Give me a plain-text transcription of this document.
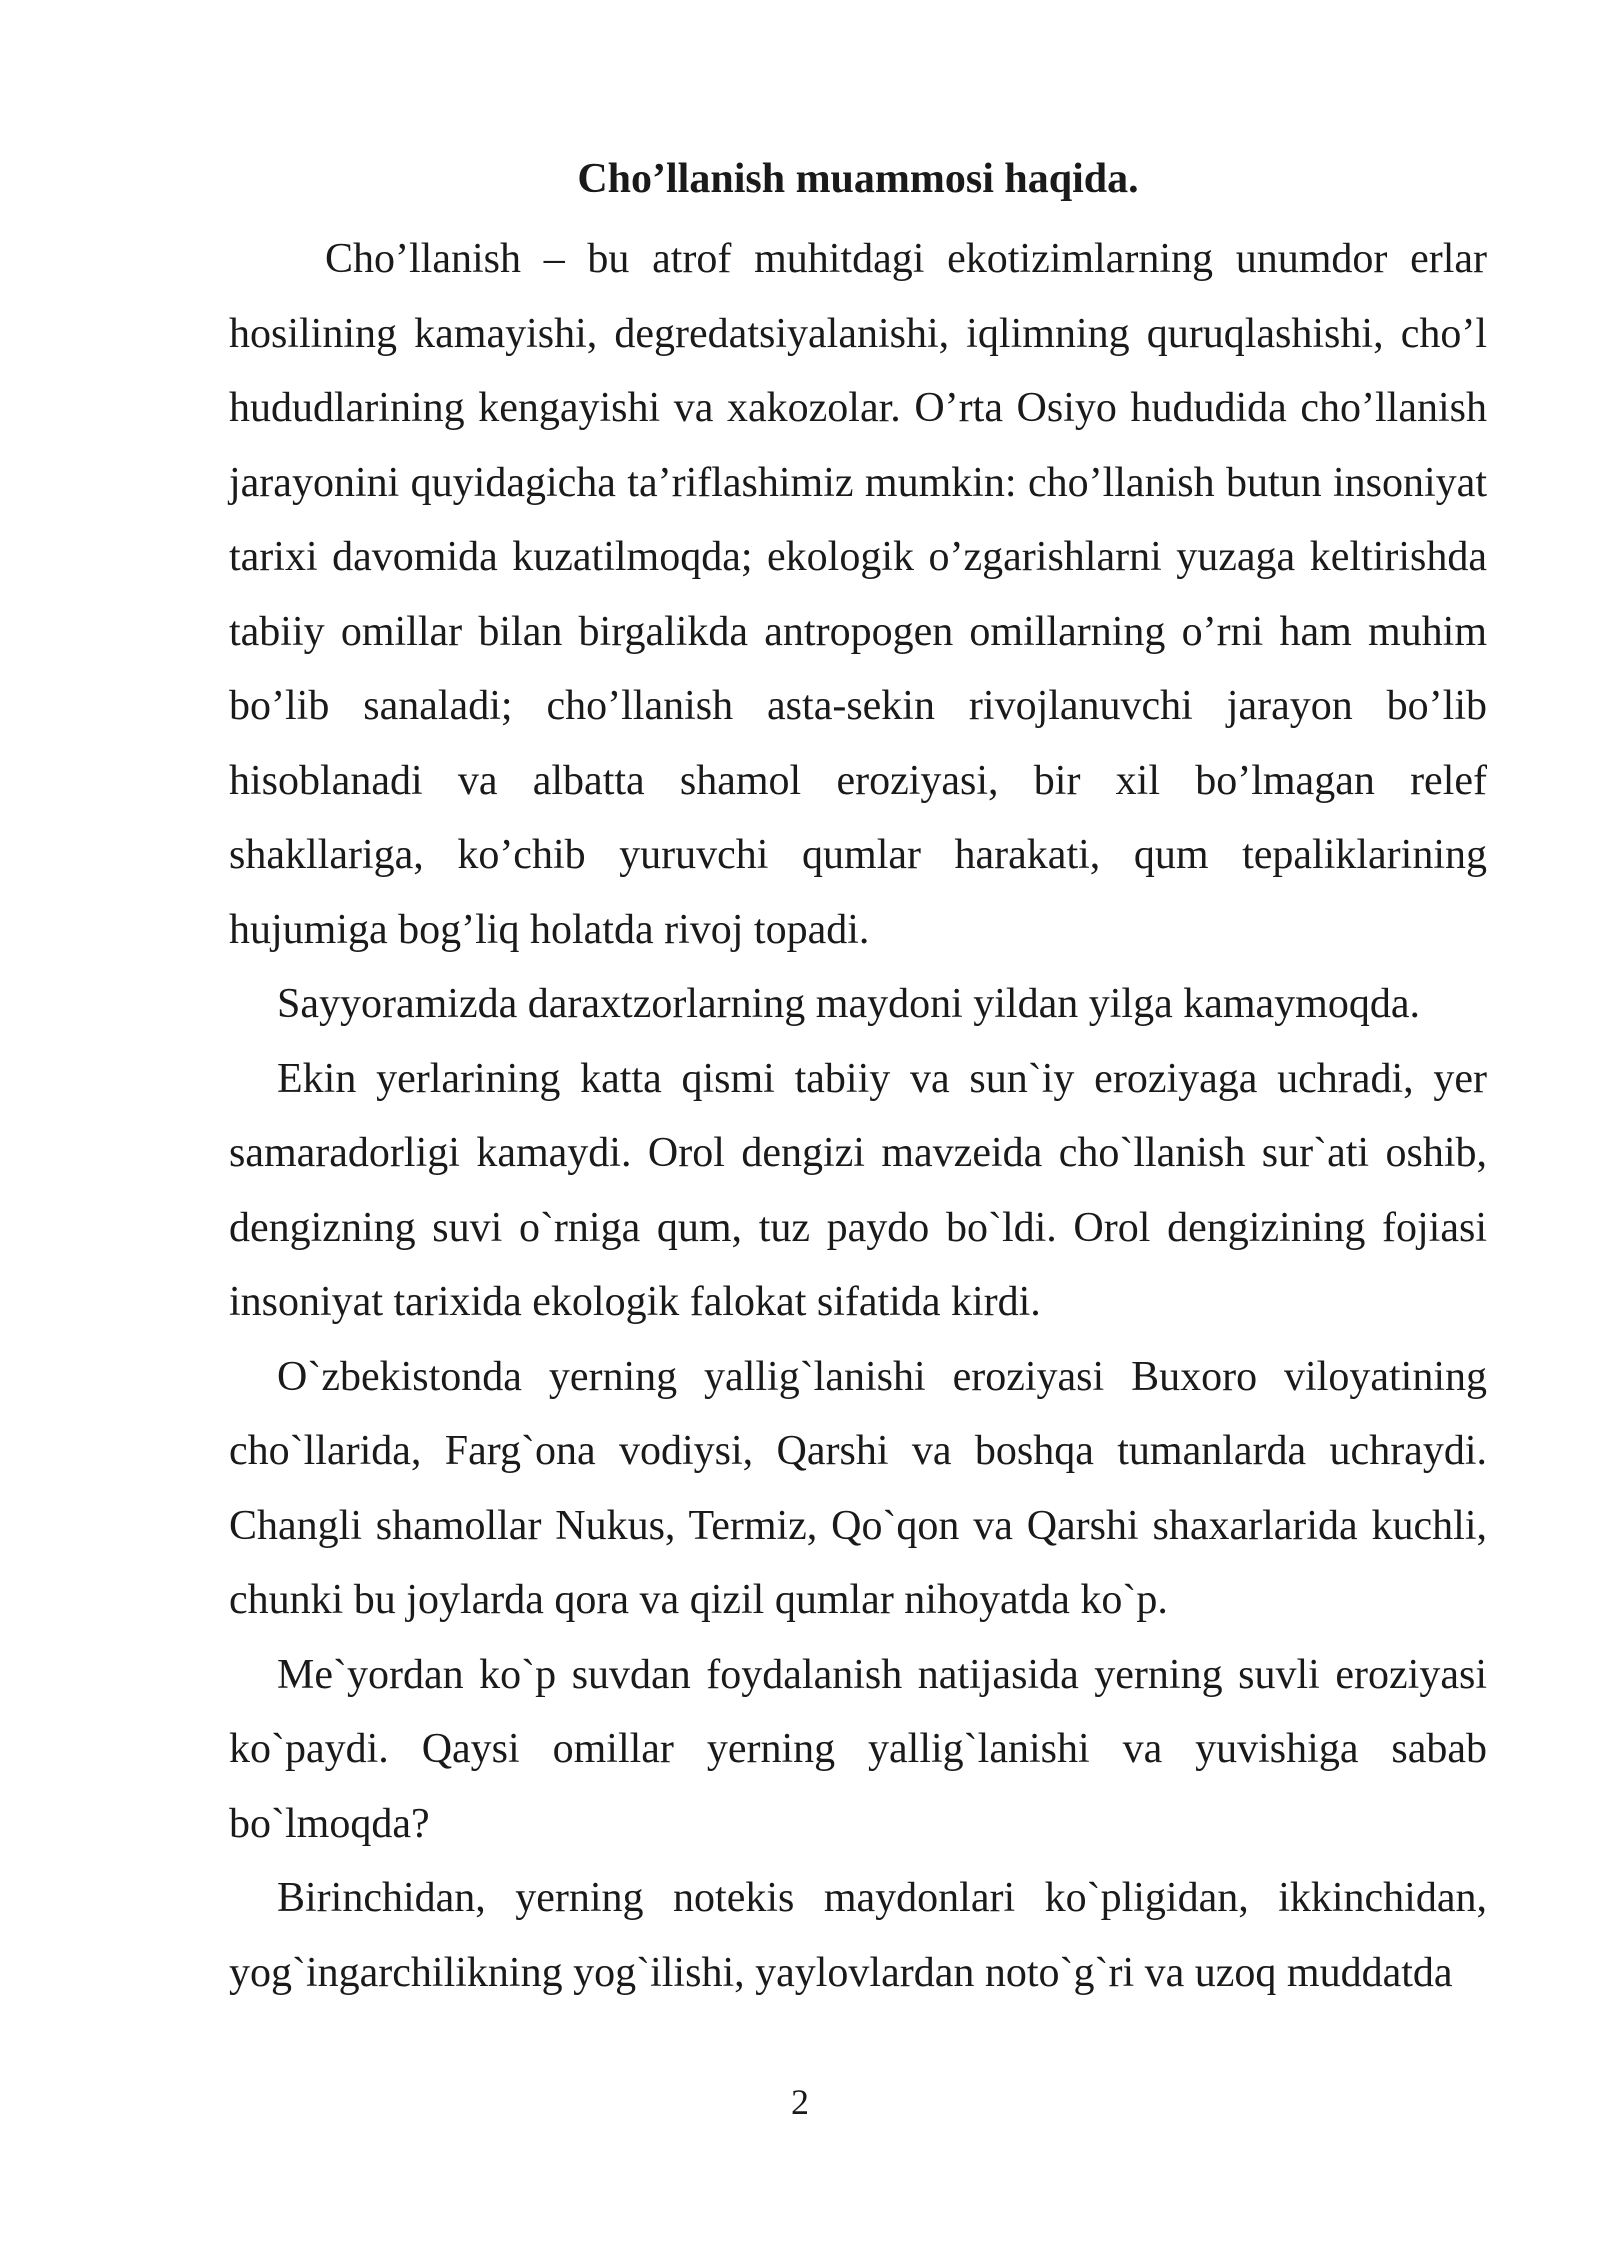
Cho’llanish muammosi haqida.

Cho’llanish – bu atrof muhitdagi ekotizimlarning unumdor erlar hosilining kamayishi, degredatsiyalanishi, iqlimning quruqlashishi, cho’l hududlarining kengayishi va xakozolar. O’rta Osiyo hududida cho’llanish jarayonini quyidagicha ta’riflashimiz mumkin: cho’llanish butun insoniyat tarixi davomida kuzatilmoqda; ekologik o’zgarishlarni yuzaga keltirishda tabiiy omillar bilan birgalikda antropogen omillarning o’rni ham muhim bo’lib sanaladi; cho’llanish asta-sekin rivojlanuvchi jarayon bo’lib hisoblanadi va albatta shamol eroziyasi, bir xil bo’lmagan relef shakllariga, ko’chib yuruvchi qumlar harakati, qum tepaliklarining hujumiga bog’liq holatda rivoj topadi.

Sayyoramizda daraxtzorlarning maydoni yildan yilga kamaymoqda.

Ekin yerlarining katta qismi tabiiy va sun`iy eroziyaga uchradi, yer samaradorligi kamaydi. Orol dengizi mavzeida cho`llanish sur`ati oshib, dengizning suvi o`rniga qum, tuz paydo bo`ldi. Orol dengizining fojiasi insoniyat tarixida ekologik falokat sifatida kirdi.

O`zbekistonda yerning yallig`lanishi eroziyasi Buxoro viloyatining cho`llarida, Farg`ona vodiysi, Qarshi va boshqa tumanlarda uchraydi. Changli shamollar Nukus, Termiz, Qo`qon va Qarshi shaxarlarida kuchli, chunki bu joylarda qora va qizil qumlar nihoyatda ko`p.

Me`yordan ko`p suvdan foydalanish natijasida yerning suvli eroziyasi ko`paydi. Qaysi omillar yerning yallig`lanishi va yuvishiga sabab bo`lmoqda?

Birinchidan, yerning notekis maydonlari ko`pligidan, ikkinchidan, yog`ingarchilikning yog`ilishi, yaylovlardan noto`g`ri va uzoq muddatda

2
